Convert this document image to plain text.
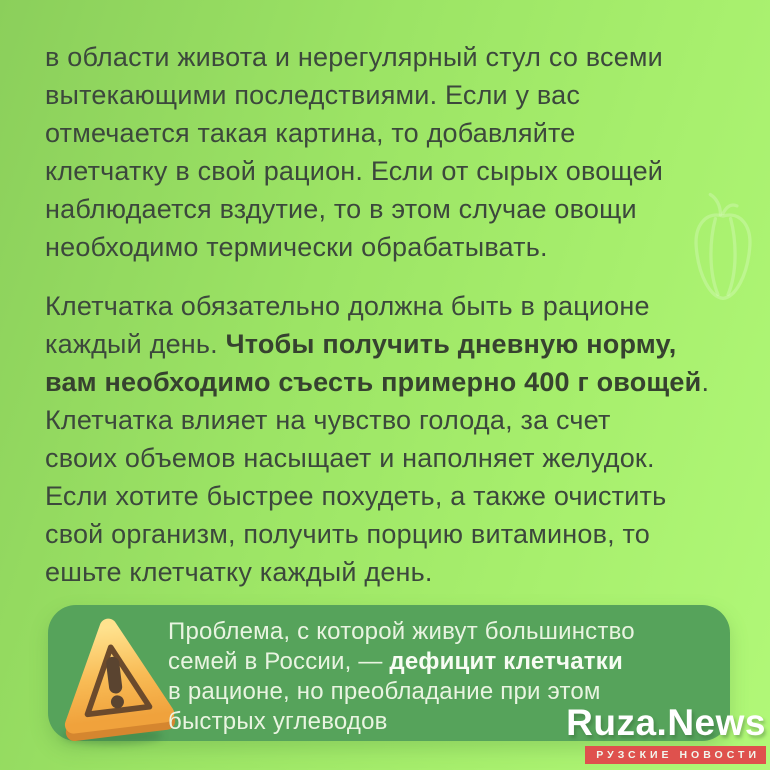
в области живота и нерегулярный стул со всеми
вытекающими последствиями. Если у вас
отмечается такая картина, то добавляйте
клетчатку в свой рацион. Если от сырых овощей
наблюдается вздутие, то в этом случае овощи
необходимо термически обрабатывать.
Клетчатка обязательно должна быть в рационе
каждый день. Чтобы получить дневную норму,
вам необходимо съесть примерно 400 г овощей.
Клетчатка влияет на чувство голода, за счет
своих объемов насыщает и наполняет желудок.
Если хотите быстрее похудеть, а также очистить
свой организм, получить порцию витаминов, то
ешьте клетчатку каждый день.
Проблема, с которой живут большинство
семей в России, — дефицит клетчатки
в рационе, но преобладание при этом
быстрых углеводов	Ruza.News
РУЗСКИЕ НОВОСТИ
